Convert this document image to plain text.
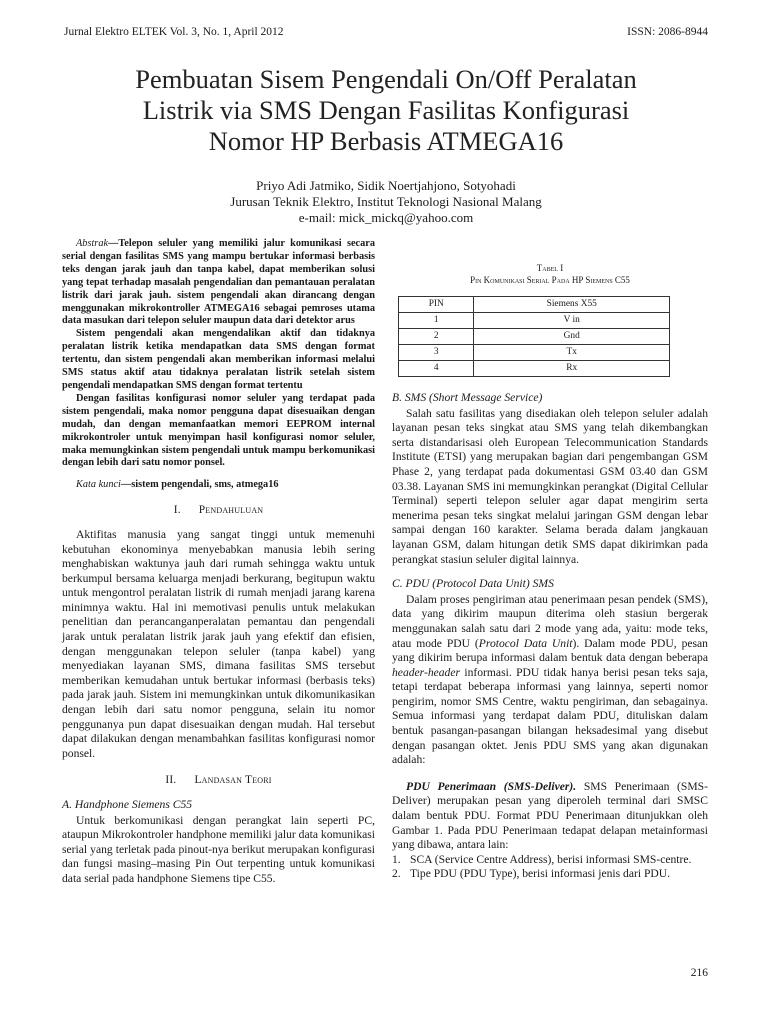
Jurnal Elektro ELTEK Vol. 3, No. 1, April 2012	ISSN: 2086-8944
Pembuatan Sisem Pengendali On/Off Peralatan
Listrik via SMS Dengan Fasilitas Konfigurasi
Nomor HP Berbasis ATMEGA16
Priyo Adi Jatmiko, Sidik Noertjahjono, Sotyohadi
Jurusan Teknik Elektro, Institut Teknologi Nasional Malang
e-mail: mick_mickq@yahoo.com

Abstrak—Telepon seluler yang memiliki jalur komunikasi secara serial dengan fasilitas SMS yang mampu bertukar informasi berbasis teks dengan jarak jauh dan tanpa kabel, dapat memberikan solusi yang tepat terhadap masalah pengendalian dan pemantauan peralatan listrik dari jarak jauh. sistem pengendali akan dirancang dengan menggunakan mikrokontroller ATMEGA16 sebagai pemroses utama data masukan dari telepon seluler maupun data dari detektor arus

Sistem pengendali akan mengendalikan aktif dan tidaknya peralatan listrik ketika mendapatkan data SMS dengan format tertentu, dan sistem pengendali akan memberikan informasi melalui SMS status aktif atau tidaknya peralatan listrik setelah sistem pengendali mendapatkan SMS dengan format tertentu

Dengan fasilitas konfigurasi nomor seluler yang terdapat pada sistem pengendali, maka nomor pengguna dapat disesuaikan dengan mudah, dan dengan memanfaatkan memori EEPROM internal mikrokontroler untuk menyimpan hasil konfigurasi nomor seluler, maka memungkinkan sistem pengendali untuk mampu berkomunikasi dengan lebih dari satu nomor ponsel.

Kata kunci—sistem pengendali, sms, atmega16
I. Pendahuluan

Aktifitas manusia yang sangat tinggi untuk memenuhi kebutuhan ekonominya menyebabkan manusia lebih sering menghabiskan waktunya jauh dari rumah sehingga waktu untuk berkumpul bersama keluarga menjadi berkurang, begitupun waktu untuk mengontrol peralatan listrik di rumah menjadi jarang karena minimnya waktu. Hal ini memotivasi penulis untuk melakukan penelitian dan perancanganperalatan pemantau dan pengendali jarak untuk peralatan listrik jarak jauh yang efektif dan efisien, dengan menggunakan telepon seluler (tanpa kabel) yang menyediakan layanan SMS, dimana fasilitas SMS tersebut memberikan kemudahan untuk bertukar informasi (berbasis teks) pada jarak jauh. Sistem ini memungkinkan untuk dikomunikasikan dengan lebih dari satu nomor pengguna, selain itu nomor penggunanya pun dapat disesuaikan dengan mudah. Hal tersebut dapat dilakukan dengan menambahkan fasilitas konfigurasi nomor ponsel.

II. Landasan Teori
A. Handphone Siemens C55

Untuk berkomunikasi dengan perangkat lain seperti PC, ataupun Mikrokontroler handphone memiliki jalur data komunikasi serial yang terletak pada pinout-nya berikut merupakan konfigurasi dan fungsi masing–masing Pin Out terpenting untuk komunikasi data serial pada handphone Siemens tipe C55.

Tabel I
Pin Komunikasi Serial Pada HP Siemens C55
PIN	Siemens X55
1	V in
2	Gnd
3	Tx
4	Rx
B. SMS (Short Message Service)

Salah satu fasilitas yang disediakan oleh telepon seluler adalah layanan pesan teks singkat atau SMS yang telah dikembangkan serta distandarisasi oleh European Telecommunication Standards Institute (ETSI) yang merupakan bagian dari pengembangan GSM Phase 2, yang terdapat pada dokumentasi GSM 03.40 dan GSM 03.38. Layanan SMS ini memungkinkan perangkat (Digital Cellular Terminal) seperti telepon seluler agar dapat mengirim serta menerima pesan teks singkat melalui jaringan GSM dengan lebar sampai dengan 160 karakter. Selama berada dalam jangkauan layanan GSM, dalam hitungan detik SMS dapat dikirimkan pada perangkat stasiun seluler digital lainnya.

C. PDU (Protocol Data Unit) SMS

Dalam proses pengiriman atau penerimaan pesan pendek (SMS), data yang dikirim maupun diterima oleh stasiun bergerak menggunakan salah satu dari 2 mode yang ada, yaitu: mode teks, atau mode PDU (Protocol Data Unit). Dalam mode PDU, pesan yang dikirim berupa informasi dalam bentuk data dengan beberapa header-header informasi. PDU tidak hanya berisi pesan teks saja, tetapi terdapat beberapa informasi yang lainnya, seperti nomor pengirim, nomor SMS Centre, waktu pengiriman, dan sebagainya. Semua informasi yang terdapat dalam PDU, dituliskan dalam bentuk pasangan-pasangan bilangan heksadesimal yang disebut dengan pasangan oktet. Jenis PDU SMS yang akan digunakan adalah:

PDU Penerimaan (SMS-Deliver). SMS Penerimaan (SMS-Deliver) merupakan pesan yang diperoleh terminal dari SMSC dalam bentuk PDU. Format PDU Penerimaan ditunjukkan oleh Gambar 1. Pada PDU Penerimaan tedapat delapan metainformasi yang dibawa, antara lain:

1. SCA (Service Centre Address), berisi informasi SMS-centre.
2. Tipe PDU (PDU Type), berisi informasi jenis dari PDU.
216
